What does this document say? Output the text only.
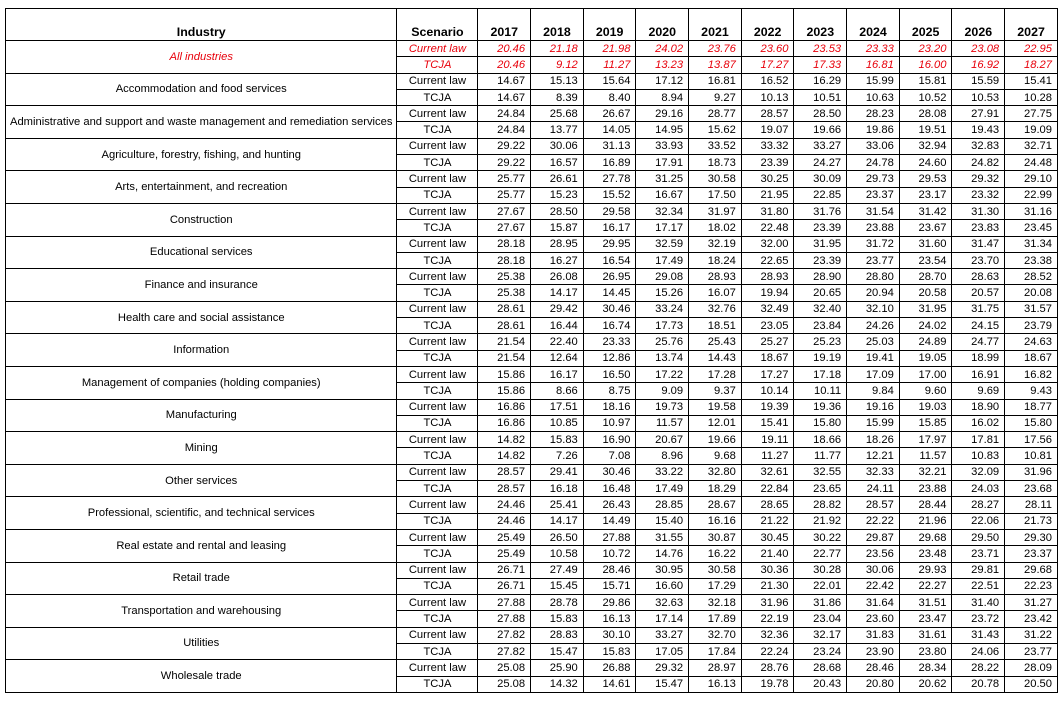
Industry	Scenario	2017	2018	2019	2020	2021	2022	2023	2024	2025	2026	2027
All industries	Current law	20.46	21.18	21.98	24.02	23.76	23.60	23.53	23.33	23.20	23.08	22.95
	TCJA	20.46	9.12	11.27	13.23	13.87	17.27	17.33	16.81	16.00	16.92	18.27
Accommodation and food services	Current law	14.67	15.13	15.64	17.12	16.81	16.52	16.29	15.99	15.81	15.59	15.41
	TCJA	14.67	8.39	8.40	8.94	9.27	10.13	10.51	10.63	10.52	10.53	10.28
Administrative and support and waste management and remediation services	Current law	24.84	25.68	26.67	29.16	28.77	28.57	28.50	28.23	28.08	27.91	27.75
	TCJA	24.84	13.77	14.05	14.95	15.62	19.07	19.66	19.86	19.51	19.43	19.09
Agriculture, forestry, fishing, and hunting	Current law	29.22	30.06	31.13	33.93	33.52	33.32	33.27	33.06	32.94	32.83	32.71
	TCJA	29.22	16.57	16.89	17.91	18.73	23.39	24.27	24.78	24.60	24.82	24.48
Arts, entertainment, and recreation	Current law	25.77	26.61	27.78	31.25	30.58	30.25	30.09	29.73	29.53	29.32	29.10
	TCJA	25.77	15.23	15.52	16.67	17.50	21.95	22.85	23.37	23.17	23.32	22.99
Construction	Current law	27.67	28.50	29.58	32.34	31.97	31.80	31.76	31.54	31.42	31.30	31.16
	TCJA	27.67	15.87	16.17	17.17	18.02	22.48	23.39	23.88	23.67	23.83	23.45
Educational services	Current law	28.18	28.95	29.95	32.59	32.19	32.00	31.95	31.72	31.60	31.47	31.34
	TCJA	28.18	16.27	16.54	17.49	18.24	22.65	23.39	23.77	23.54	23.70	23.38
Finance and insurance	Current law	25.38	26.08	26.95	29.08	28.93	28.93	28.90	28.80	28.70	28.63	28.52
	TCJA	25.38	14.17	14.45	15.26	16.07	19.94	20.65	20.94	20.58	20.57	20.08
Health care and social assistance	Current law	28.61	29.42	30.46	33.24	32.76	32.49	32.40	32.10	31.95	31.75	31.57
	TCJA	28.61	16.44	16.74	17.73	18.51	23.05	23.84	24.26	24.02	24.15	23.79
Information	Current law	21.54	22.40	23.33	25.76	25.43	25.27	25.23	25.03	24.89	24.77	24.63
	TCJA	21.54	12.64	12.86	13.74	14.43	18.67	19.19	19.41	19.05	18.99	18.67
Management of companies (holding companies)	Current law	15.86	16.17	16.50	17.22	17.28	17.27	17.18	17.09	17.00	16.91	16.82
	TCJA	15.86	8.66	8.75	9.09	9.37	10.14	10.11	9.84	9.60	9.69	9.43
Manufacturing	Current law	16.86	17.51	18.16	19.73	19.58	19.39	19.36	19.16	19.03	18.90	18.77
	TCJA	16.86	10.85	10.97	11.57	12.01	15.41	15.80	15.99	15.85	16.02	15.80
Mining	Current law	14.82	15.83	16.90	20.67	19.66	19.11	18.66	18.26	17.97	17.81	17.56
	TCJA	14.82	7.26	7.08	8.96	9.68	11.27	11.77	12.21	11.57	10.83	10.81
Other services	Current law	28.57	29.41	30.46	33.22	32.80	32.61	32.55	32.33	32.21	32.09	31.96
	TCJA	28.57	16.18	16.48	17.49	18.29	22.84	23.65	24.11	23.88	24.03	23.68
Professional, scientific, and technical services	Current law	24.46	25.41	26.43	28.85	28.67	28.65	28.82	28.57	28.44	28.27	28.11
	TCJA	24.46	14.17	14.49	15.40	16.16	21.22	21.92	22.22	21.96	22.06	21.73
Real estate and rental and leasing	Current law	25.49	26.50	27.88	31.55	30.87	30.45	30.22	29.87	29.68	29.50	29.30
	TCJA	25.49	10.58	10.72	14.76	16.22	21.40	22.77	23.56	23.48	23.71	23.37
Retail trade	Current law	26.71	27.49	28.46	30.95	30.58	30.36	30.28	30.06	29.93	29.81	29.68
	TCJA	26.71	15.45	15.71	16.60	17.29	21.30	22.01	22.42	22.27	22.51	22.23
Transportation and warehousing	Current law	27.88	28.78	29.86	32.63	32.18	31.96	31.86	31.64	31.51	31.40	31.27
	TCJA	27.88	15.83	16.13	17.14	17.89	22.19	23.04	23.60	23.47	23.72	23.42
Utilities	Current law	27.82	28.83	30.10	33.27	32.70	32.36	32.17	31.83	31.61	31.43	31.22
	TCJA	27.82	15.47	15.83	17.05	17.84	22.24	23.24	23.90	23.80	24.06	23.77
Wholesale trade	Current law	25.08	25.90	26.88	29.32	28.97	28.76	28.68	28.46	28.34	28.22	28.09
	TCJA	25.08	14.32	14.61	15.47	16.13	19.78	20.43	20.80	20.62	20.78	20.50
